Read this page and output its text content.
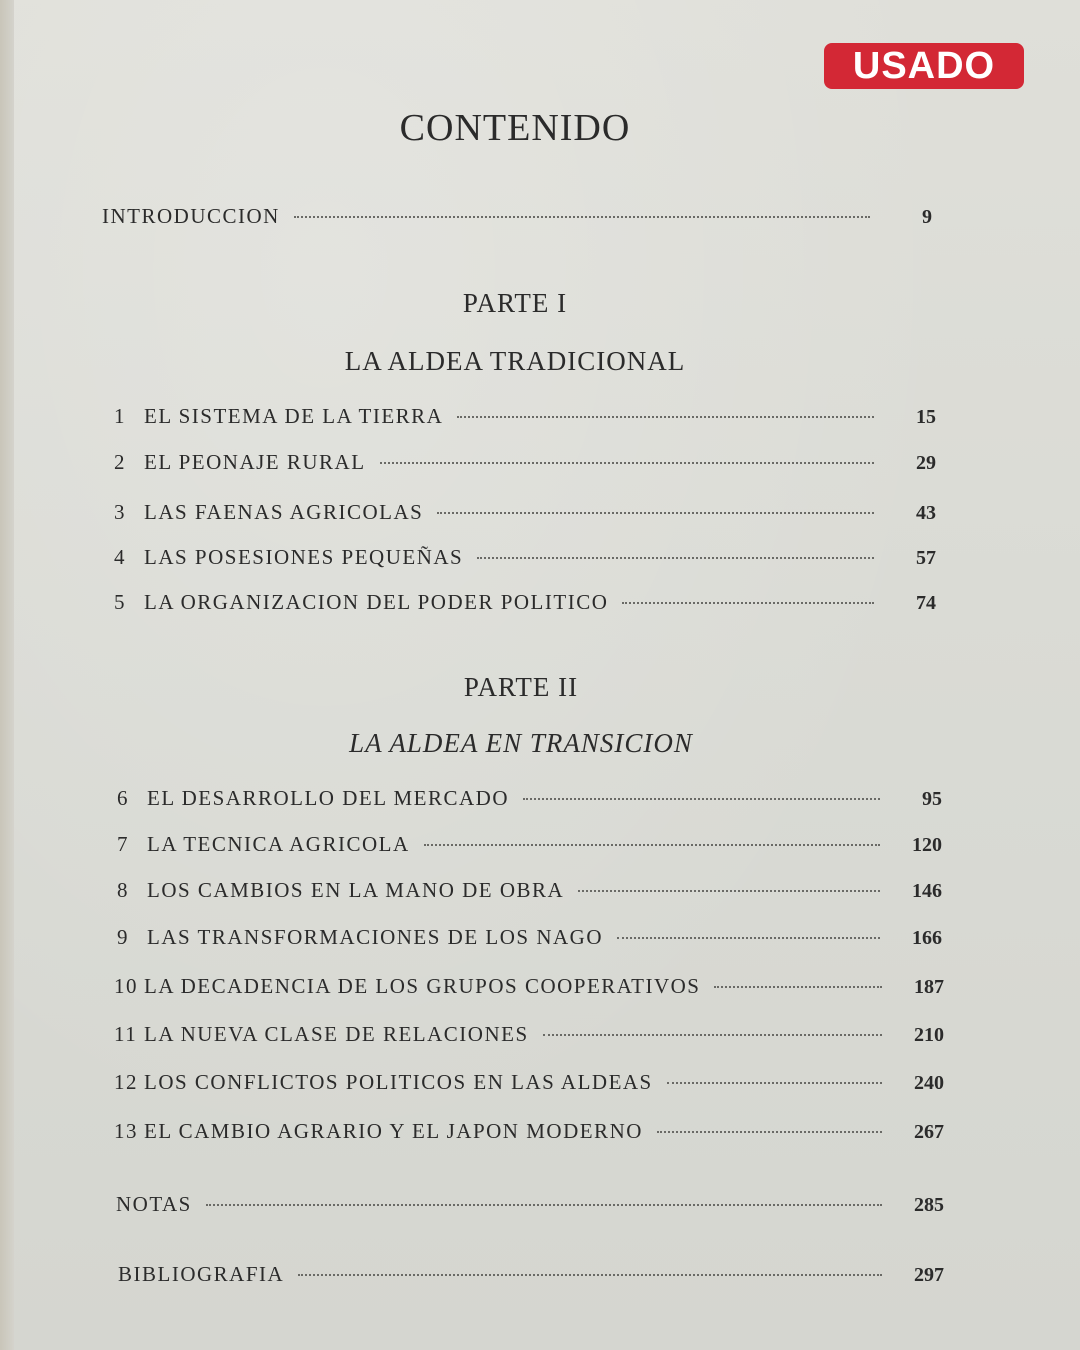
USADO
CONTENIDO
INTRODUCCION	9
PARTE I
LA ALDEA TRADICIONAL
1 EL SISTEMA DE LA TIERRA	15
2 EL PEONAJE RURAL	29
3 LAS FAENAS AGRICOLAS	43
4 LAS POSESIONES PEQUEÑAS	57
5 LA ORGANIZACION DEL PODER POLITICO	74
PARTE II
LA ALDEA EN TRANSICION
6 EL DESARROLLO DEL MERCADO	95
7 LA TECNICA AGRICOLA	120
8 LOS CAMBIOS EN LA MANO DE OBRA	146
9 LAS TRANSFORMACIONES DE LOS NAGO	166
10 LA DECADENCIA DE LOS GRUPOS COOPERATIVOS	187
11 LA NUEVA CLASE DE RELACIONES	210
12 LOS CONFLICTOS POLITICOS EN LAS ALDEAS	240
13 EL CAMBIO AGRARIO Y EL JAPON MODERNO	267
NOTAS	285
BIBLIOGRAFIA	297
